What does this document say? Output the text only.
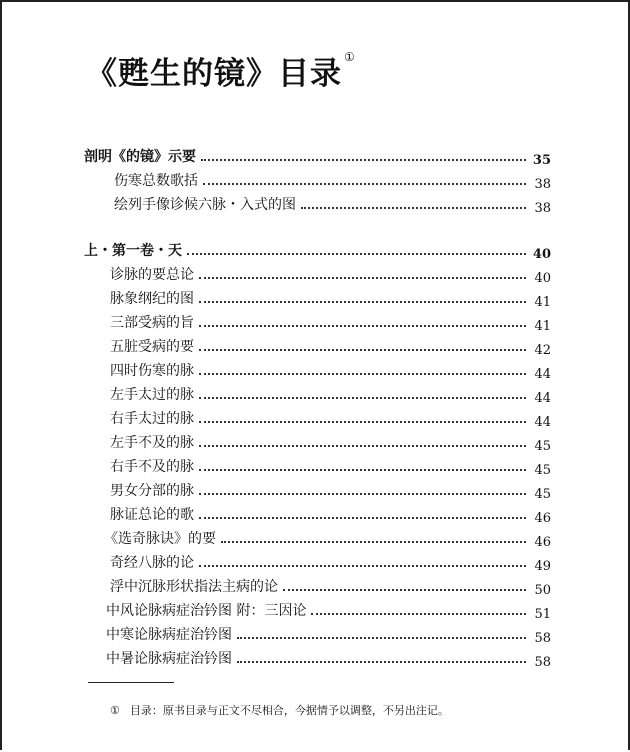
《甦生的镜》目录 ①
剖明《的镜》示要	35
伤寒总数歌括	38
绘列手像诊候六脉・入式的图	38
上・第一卷・天	40
诊脉的要总论	40
脉象纲纪的图	41
三部受病的旨	41
五脏受病的要	42
四时伤寒的脉	44
左手太过的脉	44
右手太过的脉	44
左手不及的脉	45
右手不及的脉	45
男女分部的脉	45
脉证总论的歌	46
《选奇脉诀》的要	46
奇经八脉的论	49
浮中沉脉形状指法主病的论	50
中风论脉病症治钤图 附：三因论	51
中寒论脉病症治钤图	58
中暑论脉病症治钤图	58
① 目录：原书目录与正文不尽相合，今据情予以调整，不另出注记。
